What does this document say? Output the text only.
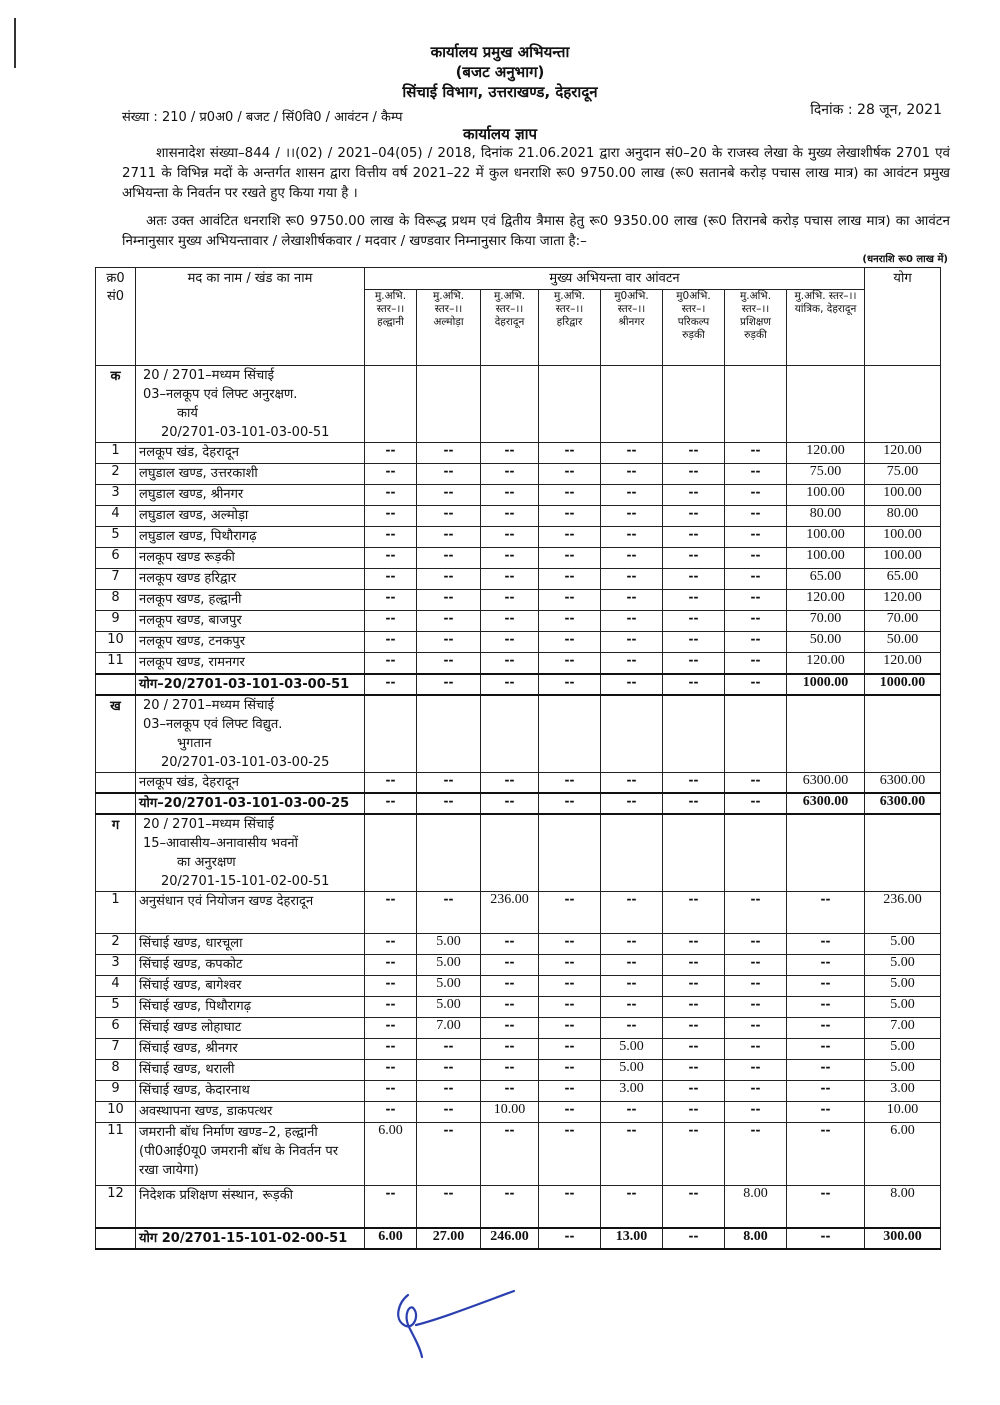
कार्यालय प्रमुख अभियन्ता
(बजट अनुभाग)
सिंचाई विभाग, उत्तराखण्ड, देहरादून
संख्या : 210 / प्र0अ0 / बजट / सिं0वि0 / आवंटन / कैम्प	दिनांक : 28 जून, 2021
कार्यालय ज्ञाप

शासनादेश संख्या–844 / ।।(02) / 2021–04(05) / 2018, दिनांक 21.06.2021 द्वारा अनुदान सं0–20 के राजस्व लेखा के मुख्य लेखाशीर्षक 2701 एवं 2711 के विभिन्न मदों के अन्तर्गत शासन द्वारा वित्तीय वर्ष 2021–22 में कुल धनराशि रू0 9750.00 लाख (रू0 सतानबे करोड़ पचास लाख मात्र) का आवंटन प्रमुख अभियन्ता के निवर्तन पर रखते हुए किया गया है ।

अतः उक्त आवंटित धनराशि रू0 9750.00 लाख के विरूद्ध प्रथम एवं द्वितीय त्रैमास हेतु रू0 9350.00 लाख (रू0 तिरानबे करोड़ पचास लाख मात्र) का आवंटन निम्नानुसार मुख्य अभियन्तावार / लेखाशीर्षकवार / मदवार / खण्डवार निम्नानुसार किया जाता है:–

(धनराशि रू0 लाख में)
क्र0 सं0	मद का नाम / खंड का नाम	मुख्य अभियन्ता वार आंवटन								योग
		मु.अभि. स्तर–।। हल्द्वानी	मु.अभि. स्तर–।। अल्मोड़ा	मु.अभि. स्तर–।। देहरादून	मु.अभि. स्तर–।। हरिद्वार	मु0अभि. स्तर–।। श्रीनगर	मु0अभि. स्तर–। परिकल्प रुड़की	मु.अभि. स्तर–।। प्रशिक्षण रुड़की	मु.अभि. स्तर–।। यांत्रिक, देहरादून	
क	20 / 2701–मध्यम सिंचाई
03–नलकूप एवं लिफ्ट अनुरक्षण.
कार्य
20/2701-03-101-03-00-51									

1	नलकूप खंड, देहरादून	--	--	--	--	--	--	--	120.00	120.00
2	लघुडाल खण्ड, उत्तरकाशी	--	--	--	--	--	--	--	75.00	75.00
3	लघुडाल खण्ड, श्रीनगर	--	--	--	--	--	--	--	100.00	100.00
4	लघुडाल खण्ड, अल्मोड़ा	--	--	--	--	--	--	--	80.00	80.00
5	लघुडाल खण्ड, पिथौरागढ़	--	--	--	--	--	--	--	100.00	100.00
6	नलकूप खण्ड रूड़की	--	--	--	--	--	--	--	100.00	100.00
7	नलकूप खण्ड हरिद्वार	--	--	--	--	--	--	--	65.00	65.00
8	नलकूप खण्ड, हल्द्वानी	--	--	--	--	--	--	--	120.00	120.00
9	नलकूप खण्ड, बाजपुर	--	--	--	--	--	--	--	70.00	70.00
10	नलकूप खण्ड, टनकपुर	--	--	--	--	--	--	--	50.00	50.00
11	नलकूप खण्ड, रामनगर	--	--	--	--	--	--	--	120.00	120.00
	योग–20/2701-03-101-03-00-51	--	--	--	--	--	--	--	1000.00	1000.00
ख	20 / 2701–मध्यम सिंचाई
03–नलकूप एवं लिफ्ट विद्युत.
भुगतान
20/2701-03-101-03-00-25									

	नलकूप खंड, देहरादून	--	--	--	--	--	--	--	6300.00	6300.00
	योग–20/2701-03-101-03-00-25	--	--	--	--	--	--	--	6300.00	6300.00
ग	20 / 2701–मध्यम सिंचाई
15–आवासीय–अनावासीय भवनों
का अनुरक्षण
20/2701-15-101-02-00-51									

1	अनुसंधान एवं नियोजन खण्ड देहरादून	--	--	236.00	--	--	--	--	--	236.00
2	सिंचाई खण्ड, धारचूला	--	5.00	--	--	--	--	--	--	5.00
3	सिंचाई खण्ड, कपकोट	--	5.00	--	--	--	--	--	--	5.00
4	सिंचाई खण्ड, बागेश्वर	--	5.00	--	--	--	--	--	--	5.00
5	सिंचाई खण्ड, पिथौरागढ़	--	5.00	--	--	--	--	--	--	5.00
6	सिंचाई खण्ड लोहाघाट	--	7.00	--	--	--	--	--	--	7.00
7	सिंचाई खण्ड, श्रीनगर	--	--	--	--	5.00	--	--	--	5.00
8	सिंचाई खण्ड, थराली	--	--	--	--	5.00	--	--	--	5.00
9	सिंचाई खण्ड, केदारनाथ	--	--	--	--	3.00	--	--	--	3.00
10	अवस्थापना खण्ड, डाकपत्थर	--	--	10.00	--	--	--	--	--	10.00
11	जमरानी बॉध निर्माण खण्ड–2, हल्द्वानी (पी0आई0यू0 जमरानी बॉध के निवर्तन पर रखा जायेगा)	6.00	--	--	--	--	--	--	--	6.00
12	निदेशक प्रशिक्षण संस्थान, रूड़की	--	--	--	--	--	--	8.00	--	8.00
	योग 20/2701-15-101-02-00-51	6.00	27.00	246.00	--	13.00	--	8.00	--	300.00
